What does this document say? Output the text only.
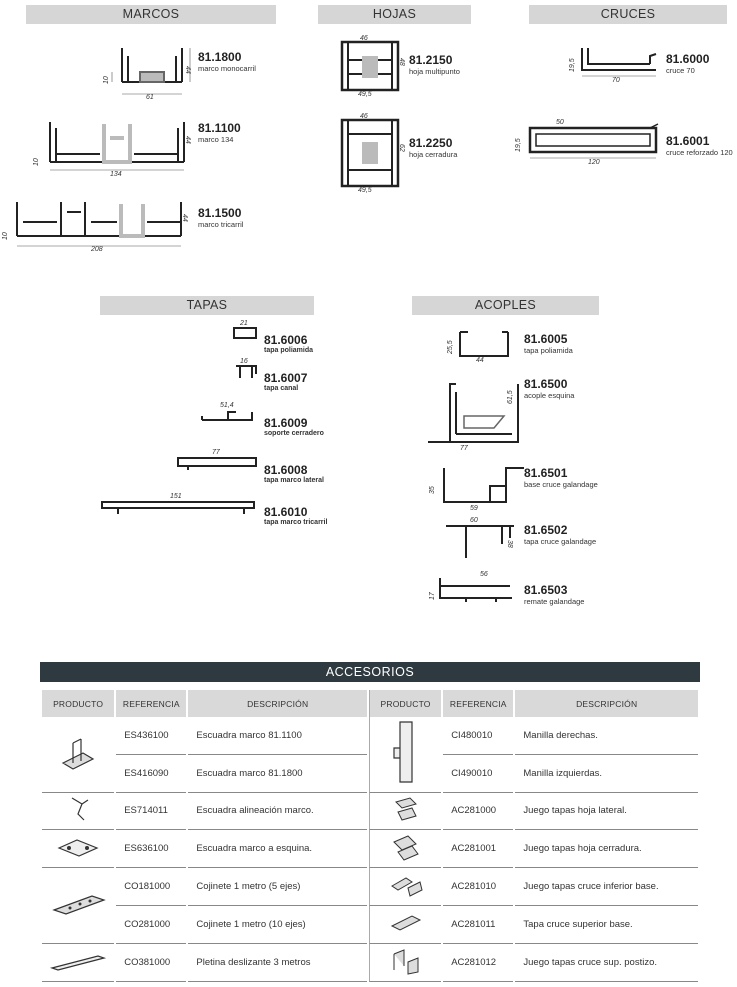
MARCOS	HOJAS	CRUCES
TAPAS	ACOPLES
61
44
10
81.1800
marco monocarril
134
44
10
81.1100
marco 134
208
44
10
81.1500
marco tricarril
46
49,5
48 81.2150
hoja multipunto
46
49,5
62 81.2250
hoja cerradura
70
19,5	81.6000
cruce 70
50
120
19,5	81.6001
cruce reforzado 120
21
81.6006
tapa poliamida
16
81.6007
tapa canal
51,4
81.6009
soporte cerradero
77
81.6008
tapa marco lateral
151
81.6010
tapa marco tricarril
44
25,5
81.6005
tapa poliamida
77
61,5
81.6500
acople esquina
59
35
81.6501
base cruce galandage
60
38
81.6502
tapa cruce galandage
56
17	81.6503
remate galandage
ACCESORIOS
PRODUCTO	REFERENCIA	DESCRIPCIÓN	PRODUCTO	REFERENCIA	DESCRIPCIÓN
	ES436100	Escuadra marco 81.1100		CI480010	Manilla derechas.
	ES416090	Escuadra marco 81.1800		CI490010	Manilla izquierdas.
	ES714011	Escuadra alineación marco.		AC281000	Juego tapas hoja lateral.
	ES636100	Escuadra marco a esquina.		AC281001	Juego tapas hoja cerradura.
	CO181000	Cojinete 1 metro (5 ejes)		AC281010	Juego tapas cruce inferior base.
	CO281000	Cojinete 1 metro (10 ejes)		AC281011	Tapa cruce superior base.
	CO381000	Pletina deslizante 3 metros		AC281012	Juego tapas cruce sup. postizo.
